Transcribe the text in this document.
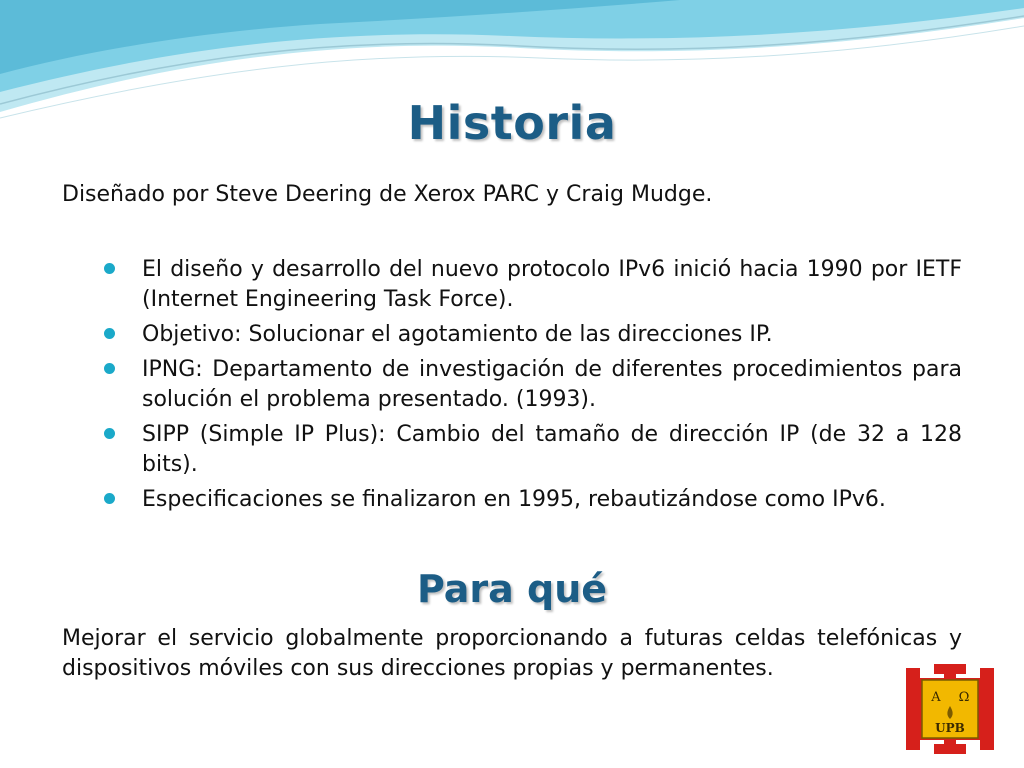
Historia
Diseñado por Steve Deering de Xerox PARC y Craig Mudge.
El diseño y desarrollo del nuevo protocolo IPv6 inició hacia 1990 por IETF (Internet Engineering Task Force).
Objetivo: Solucionar el agotamiento de las direcciones IP.
IPNG: Departamento de investigación de diferentes procedimientos para solución el problema presentado. (1993).
SIPP (Simple IP Plus): Cambio del tamaño de dirección IP (de 32 a 128 bits).
Especificaciones se finalizaron en 1995, rebautizándose como IPv6.
Para qué
Mejorar el servicio globalmente proporcionando a futuras celdas telefónicas y dispositivos móviles con sus direcciones propias y permanentes.
A Ω
UPB
